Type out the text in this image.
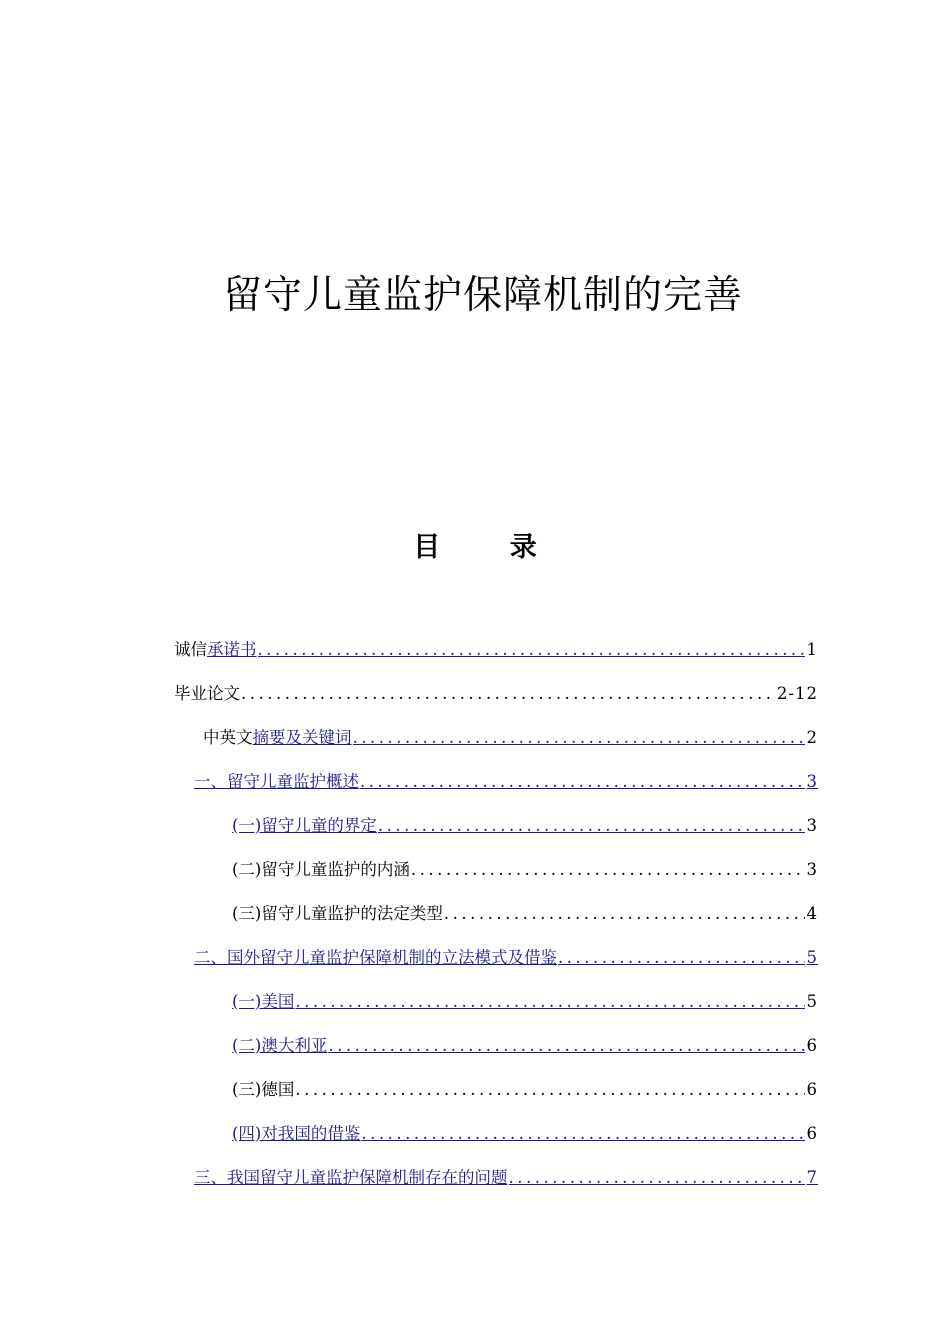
留守儿童监护保障机制的完善
目 录
诚信 承诺书 .....	1
毕业论文 .....	2-12
中英文 摘要及关键词 .....	2
一、留守儿童监护概述 .....	3
(一)留守儿童的界定 .....	3
(二)留守儿童监护的内涵 .....	3
(三)留守儿童监护的法定类型 .....	4
二、国外留守儿童监护保障机制的立法模式及借鉴 .....	5
(一)美国 .....	5
(二)澳大利亚 .....	6
(三)德国 .....	6
(四)对我国的借鉴 .....	6
三、我国留守儿童监护保障机制存在的问题 .....	7
